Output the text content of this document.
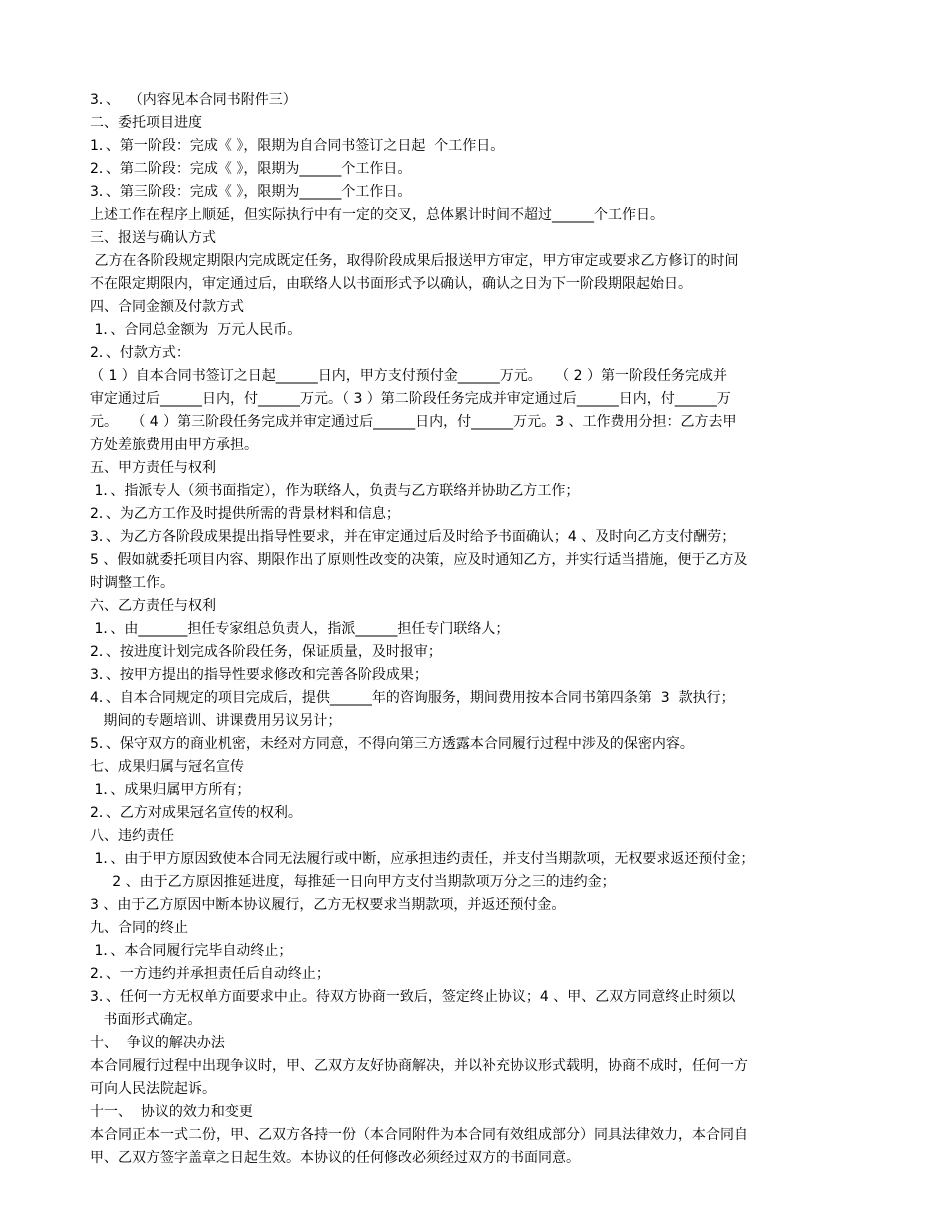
3．、  （内容见本合同书附件三）
二、委托项目进度
1．、第一阶段：完成《 》，限期为自合同书签订之日起  个工作日。
2．、第二阶段：完成《 》，限期为______个工作日。
3．、第三阶段：完成《 》，限期为______个工作日。
上述工作在程序上顺延，但实际执行中有一定的交叉，总体累计时间不超过______个工作日。
三、报送与确认方式
乙方在各阶段规定期限内完成既定任务，取得阶段成果后报送甲方审定，甲方审定或要求乙方修订的时间
不在限定期限内，审定通过后，由联络人以书面形式予以确认，确认之日为下一阶段期限起始日。
四、合同金额及付款方式
1．、合同总金额为  万元人民币。
2．、付款方式：
（ 1 ）自本合同书签订之日起______日内，甲方支付预付金______万元。   （ 2 ）第一阶段任务完成并
审定通过后______日内，付______万元。（ 3 ）第二阶段任务完成并审定通过后______日内，付______万
元。   （ 4 ）第三阶段任务完成并审定通过后______日内，付______万元。3 、工作费用分担：乙方去甲
方处差旅费用由甲方承担。
五、甲方责任与权利
1．、指派专人（须书面指定），作为联络人，负责与乙方联络并协助乙方工作；
2．、为乙方工作及时提供所需的背景材料和信息；
3．、为乙方各阶段成果提出指导性要求，并在审定通过后及时给予书面确认；4 、及时向乙方支付酬劳；
5 、假如就委托项目内容、期限作出了原则性改变的决策，应及时通知乙方，并实行适当措施，便于乙方及
时调整工作。
六、乙方责任与权利
1．、由_______担任专家组总负责人，指派______担任专门联络人；
2．、按进度计划完成各阶段任务，保证质量，及时报审；
3．、按甲方提出的指导性要求修改和完善各阶段成果；
4．、自本合同规定的项目完成后，提供______年的咨询服务，期间费用按本合同书第四条第  3  款执行；
期间的专题培训、讲课费用另议另计；
5．、保守双方的商业机密，未经对方同意，不得向第三方透露本合同履行过程中涉及的保密内容。
七、成果归属与冠名宣传
1．、成果归属甲方所有；
2．、乙方对成果冠名宣传的权利。
八、违约责任
1．、由于甲方原因致使本合同无法履行或中断，应承担违约责任，并支付当期款项，无权要求返还预付金；
2 、由于乙方原因推延进度，每推延一日向甲方支付当期款项万分之三的违约金；
3 、由于乙方原因中断本协议履行，乙方无权要求当期款项，并返还预付金。
九、合同的终止
1．、本合同履行完毕自动终止；
2．、一方违约并承担责任后自动终止；
3．、任何一方无权单方面要求中止。待双方协商一致后，签定终止协议；4 、甲、乙双方同意终止时须以
书面形式确定。
十、  争议的解决办法
本合同履行过程中出现争议时，甲、乙双方友好协商解决，并以补充协议形式载明，协商不成时，任何一方
可向人民法院起诉。
十一、  协议的效力和变更
本合同正本一式二份，甲、乙双方各持一份（本合同附件为本合同有效组成部分）同具法律效力，本合同自
甲、乙双方签字盖章之日起生效。本协议的任何修改必须经过双方的书面同意。
